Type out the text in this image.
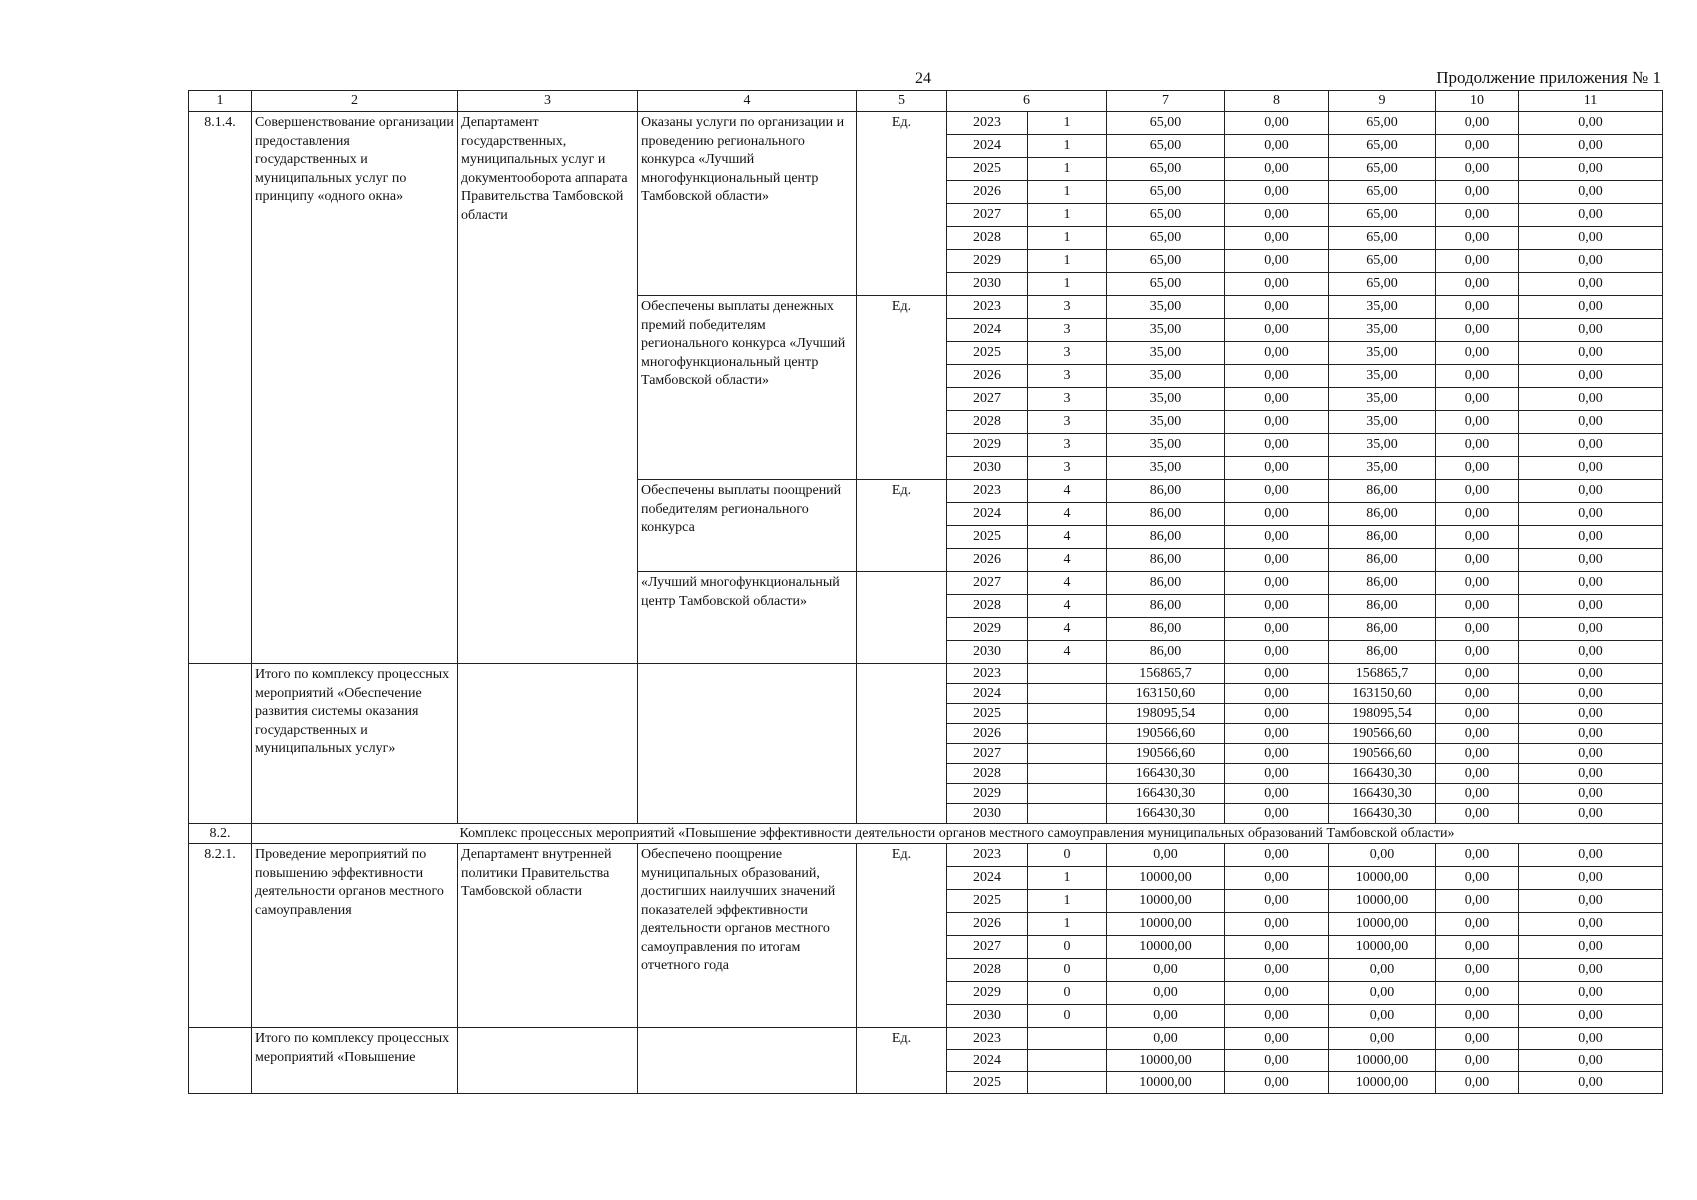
24	Продолжение приложения № 1
1	2	3	4	5	6		7	8	9	10	11
8.1.4.	Совершенствование организации предоставления государственных и муниципальных услуг по принципу «одного окна»	Департамент государственных, муниципальных услуг и документооборота аппарата Правительства Тамбовской области	Оказаны услуги по организации и проведению регионального конкурса «Лучший многофункциональный центр Тамбовской области»	Ед.	2023	1	65,00	0,00	65,00	0,00	0,00
					2024	1	65,00	0,00	65,00	0,00	0,00
					2025	1	65,00	0,00	65,00	0,00	0,00
					2026	1	65,00	0,00	65,00	0,00	0,00
					2027	1	65,00	0,00	65,00	0,00	0,00
					2028	1	65,00	0,00	65,00	0,00	0,00
					2029	1	65,00	0,00	65,00	0,00	0,00
					2030	1	65,00	0,00	65,00	0,00	0,00
			Обеспечены выплаты денежных премий победителям регионального конкурса «Лучший многофункциональный центр Тамбовской области»	Ед.	2023	3	35,00	0,00	35,00	0,00	0,00
					2024	3	35,00	0,00	35,00	0,00	0,00
					2025	3	35,00	0,00	35,00	0,00	0,00
					2026	3	35,00	0,00	35,00	0,00	0,00
					2027	3	35,00	0,00	35,00	0,00	0,00
					2028	3	35,00	0,00	35,00	0,00	0,00
					2029	3	35,00	0,00	35,00	0,00	0,00
					2030	3	35,00	0,00	35,00	0,00	0,00
			Обеспечены выплаты поощрений победителям регионального конкурса	Ед.	2023	4	86,00	0,00	86,00	0,00	0,00
					2024	4	86,00	0,00	86,00	0,00	0,00
					2025	4	86,00	0,00	86,00	0,00	0,00
					2026	4	86,00	0,00	86,00	0,00	0,00
			«Лучший многофункциональный центр Тамбовской области»		2027	4	86,00	0,00	86,00	0,00	0,00
					2028	4	86,00	0,00	86,00	0,00	0,00
					2029	4	86,00	0,00	86,00	0,00	0,00
					2030	4	86,00	0,00	86,00	0,00	0,00
	Итого по комплексу процессных мероприятий «Обеспечение развития системы оказания государственных и муниципальных услуг»				2023		156865,7	0,00	156865,7	0,00	0,00
					2024		163150,60	0,00	163150,60	0,00	0,00
					2025		198095,54	0,00	198095,54	0,00	0,00
					2026		190566,60	0,00	190566,60	0,00	0,00
					2027		190566,60	0,00	190566,60	0,00	0,00
					2028		166430,30	0,00	166430,30	0,00	0,00
					2029		166430,30	0,00	166430,30	0,00	0,00
					2030		166430,30	0,00	166430,30	0,00	0,00
8.2.	Комплекс процессных мероприятий «Повышение эффективности деятельности органов местного самоуправления муниципальных образований Тамбовской области»										
8.2.1.	Проведение мероприятий по повышению эффективности деятельности органов местного самоуправления	Департамент внутренней политики Правительства Тамбовской области	Обеспечено поощрение муниципальных образований, достигших наилучших значений показателей эффективности деятельности органов местного самоуправления по итогам отчетного года	Ед.	2023	0	0,00	0,00	0,00	0,00	0,00
					2024	1	10000,00	0,00	10000,00	0,00	0,00
					2025	1	10000,00	0,00	10000,00	0,00	0,00
					2026	1	10000,00	0,00	10000,00	0,00	0,00
					2027	0	10000,00	0,00	10000,00	0,00	0,00
					2028	0	0,00	0,00	0,00	0,00	0,00
					2029	0	0,00	0,00	0,00	0,00	0,00
					2030	0	0,00	0,00	0,00	0,00	0,00
	Итого по комплексу процессных мероприятий «Повышение			Ед.	2023		0,00	0,00	0,00	0,00	0,00
					2024		10000,00	0,00	10000,00	0,00	0,00
					2025		10000,00	0,00	10000,00	0,00	0,00
